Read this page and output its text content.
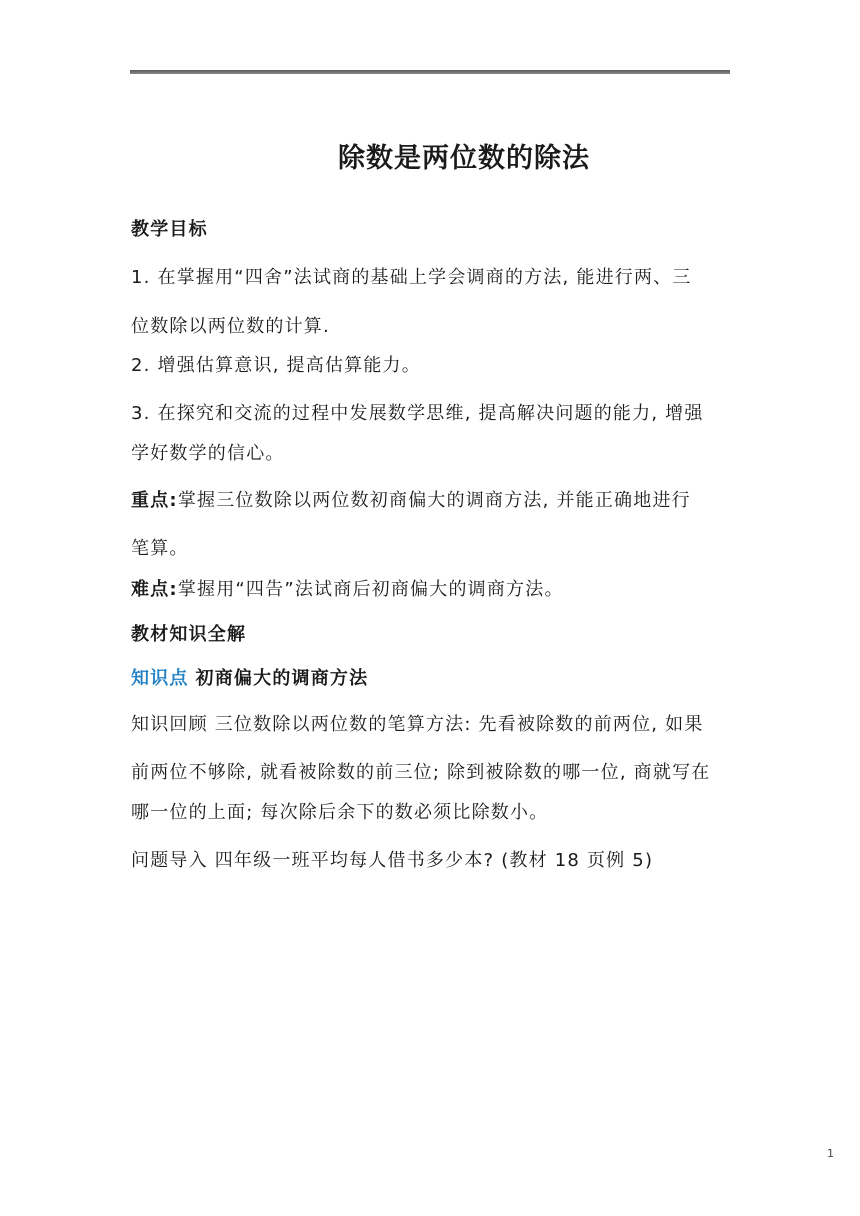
除数是两位数的除法
教学目标
1. 在掌握用“四舍”法试商的基础上学会调商的方法, 能进行两、三
位数除以两位数的计算.
2. 增强估算意识, 提高估算能力。
3. 在探究和交流的过程中发展数学思维, 提高解决问题的能力, 增强
学好数学的信心。
重点:掌握三位数除以两位数初商偏大的调商方法, 并能正确地进行
笔算。
难点:掌握用“四告”法试商后初商偏大的调商方法。
教材知识全解
知识点 初商偏大的调商方法
知识回顾 三位数除以两位数的笔算方法: 先看被除数的前两位, 如果
前两位不够除, 就看被除数的前三位; 除到被除数的哪一位, 商就写在
哪一位的上面; 每次除后余下的数必须比除数小。
问题导入 四年级一班平均每人借书多少本? (教材 18 页例 5)
1
